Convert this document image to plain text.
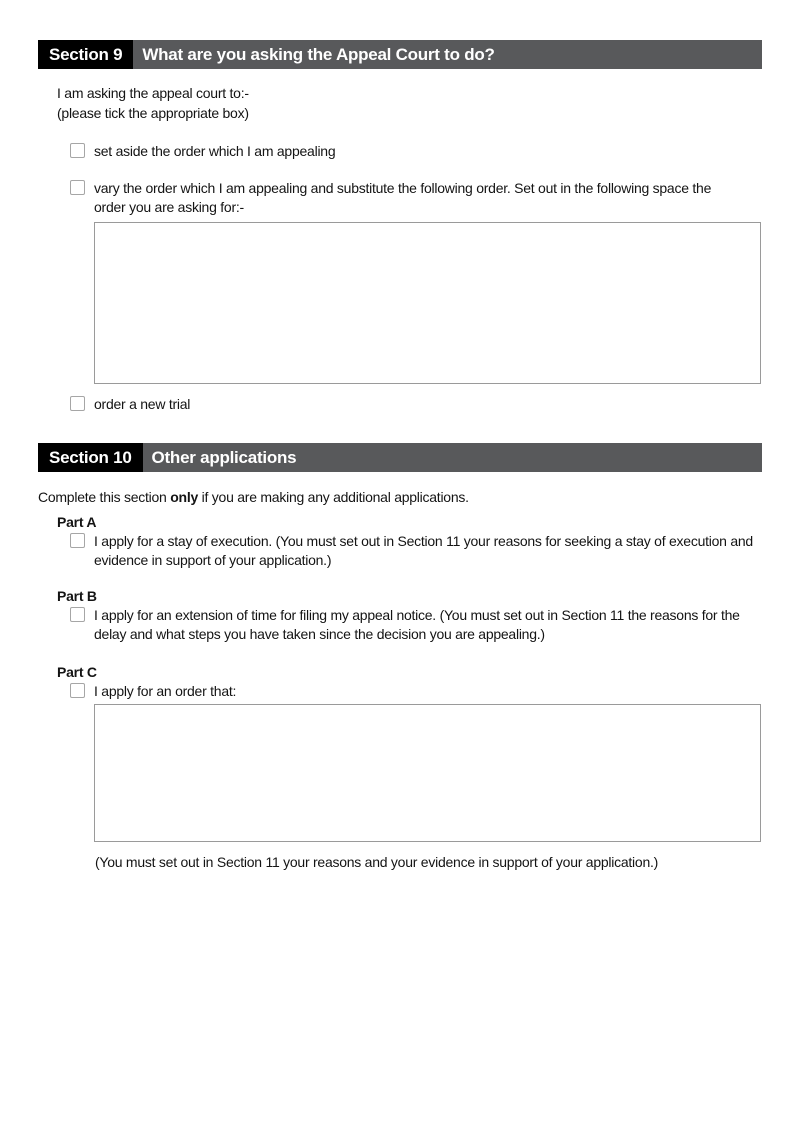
Section 9	What are you asking the Appeal Court to do?
I am asking the appeal court to:-
(please tick the appropriate box)
set aside the order which I am appealing
vary the order which I am appealing and substitute the following order. Set out in the following space the order you are asking for:-
order a new trial
Section 10	Other applications
Complete this section only if you are making any additional applications.
Part A
I apply for a stay of execution. (You must set out in Section 11 your reasons for seeking a stay of execution and evidence in support of your application.)
Part B
I apply for an extension of time for filing my appeal notice. (You must set out in Section 11 the reasons for the delay and what steps you have taken since the decision you are appealing.)
Part C
I apply for an order that:
(You must set out in Section 11 your reasons and your evidence in support of your application.)
